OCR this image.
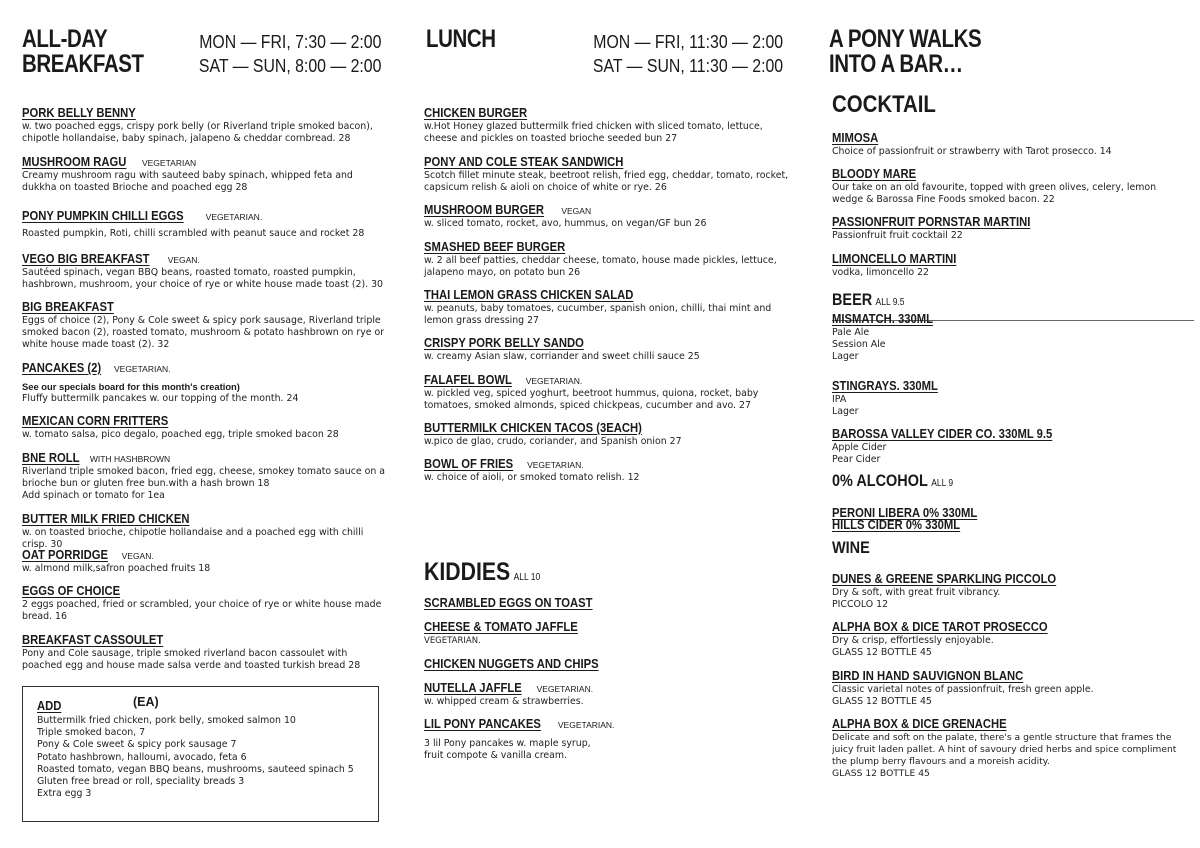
ALL-DAY
BREAKFAST
MON — FRI, 7:30 — 2:00
SAT — SUN, 8:00 — 2:00
PORK BELLY BENNY
w. two poached eggs, crispy pork belly (or Riverland triple smoked bacon), chipotle hollandaise, baby spinach, jalapeno & cheddar cornbread. 28
MUSHROOM RAGU VEGETARIAN
Creamy mushroom ragu with sauteed baby spinach, whipped feta and dukkha on toasted Brioche and poached egg 28
PONY PUMPKIN CHILLI EGGS	VEGETARIAN.
Roasted pumpkin, Roti, chilli scrambled with peanut sauce and rocket 28
VEGO BIG BREAKFAST VEGAN.
Sautéed spinach, vegan BBQ beans, roasted tomato, roasted pumpkin, hashbrown, mushroom, your choice of rye or white house made toast (2). 30
BIG BREAKFAST
Eggs of choice (2), Pony & Cole sweet & spicy pork sausage, Riverland triple smoked bacon (2), roasted tomato, mushroom & potato hashbrown on rye or white house made toast (2). 32
PANCAKES (2) VEGETARIAN.
See our specials board for this month's creation)
Fluffy buttermilk pancakes w. our topping of the month. 24
MEXICAN CORN FRITTERS
w. tomato salsa, pico degalo, poached egg, triple smoked bacon 28
BNE ROLL WITH HASHBROWN
Riverland triple smoked bacon, fried egg, cheese, smokey tomato sauce on a brioche bun or gluten free bun.with a hash brown 18
Add spinach or tomato for 1ea
BUTTER MILK FRIED CHICKEN
w. on toasted brioche, chipotle hollandaise and a poached egg with chilli crisp. 30
OAT PORRIDGE VEGAN.
w. almond milk,safron poached fruits 18
EGGS OF CHOICE
2 eggs poached, fried or scrambled, your choice of rye or white house made bread. 16
BREAKFAST CASSOULET
Pony and Cole sausage, triple smoked riverland bacon cassoulet with poached egg and house made salsa verde and toasted turkish bread 28
ADD	(EA)
Buttermilk fried chicken, pork belly, smoked salmon 10
Triple smoked bacon, 7
Pony & Cole sweet & spicy pork sausage 7
Potato hashbrown, halloumi, avocado, feta 6
Roasted tomato, vegan BBQ beans, mushrooms, sauteed spinach 5
Gluten free bread or roll, speciality breads 3
Extra egg 3
LUNCH	MON — FRI, 11:30 — 2:00
SAT — SUN, 11:30 — 2:00
CHICKEN BURGER
w.Hot Honey glazed buttermilk fried chicken with sliced tomato, lettuce, cheese and pickles on toasted brioche seeded bun 27
PONY AND COLE STEAK SANDWICH
Scotch fillet minute steak, beetroot relish, fried egg, cheddar, tomato, rocket, capsicum relish & aioli on choice of white or rye. 26
MUSHROOM BURGER VEGAN
w. sliced tomato, rocket, avo, hummus, on vegan/GF bun 26
SMASHED BEEF BURGER
w. 2 all beef patties, cheddar cheese, tomato, house made pickles, lettuce, jalapeno mayo, on potato bun 26
THAI LEMON GRASS CHICKEN SALAD
w. peanuts, baby tomatoes, cucumber, spanish onion, chilli, thai mint and lemon grass dressing 27
CRISPY PORK BELLY SANDO
w. creamy Asian slaw, corriander and sweet chilli sauce 25
FALAFEL BOWL VEGETARIAN.
w. pickled veg, spiced yoghurt, beetroot hummus, quiona, rocket, baby tomatoes, smoked almonds, spiced chickpeas, cucumber and avo. 27
BUTTERMILK CHICKEN TACOS (3EACH)
w.pico de glao, crudo, coriander, and Spanish onion 27
BOWL OF FRIES VEGETARIAN.
w. choice of aioli, or smoked tomato relish. 12
KIDDIES ALL 10
SCRAMBLED EGGS ON TOAST
CHEESE & TOMATO JAFFLE
VEGETARIAN.
CHICKEN NUGGETS AND CHIPS
NUTELLA JAFFLE VEGETARIAN.
w. whipped cream & strawberries.
LIL PONY PANCAKES VEGETARIAN.
3 lil Pony pancakes w. maple syrup, fruit compote & vanilla cream.
A PONY WALKS
INTO A BAR…
COCKTAIL
MIMOSA
Choice of passionfruit or strawberry with Tarot prosecco. 14
BLOODY MARE
Our take on an old favourite, topped with green olives, celery, lemon wedge & Barossa Fine Foods smoked bacon. 22
PASSIONFRUIT PORNSTAR MARTINI
Passionfruit fruit cocktail 22
LIMONCELLO MARTINI
vodka, limoncello 22
BEER ALL 9.5
MISMATCH. 330ML
Pale Ale
Session Ale
Lager
STINGRAYS. 330ML
IPA
Lager
BAROSSA VALLEY CIDER CO. 330ML 9.5
Apple Cider
Pear Cider
0% ALCOHOL ALL 9
PERONI LIBERA 0% 330ML
HILLS CIDER 0% 330ML
WINE
DUNES & GREENE SPARKLING PICCOLO
Dry & soft, with great fruit vibrancy.
PICCOLO 12
ALPHA BOX & DICE TAROT PROSECCO
Dry & crisp, effortlessly enjoyable.
GLASS 12 BOTTLE 45
BIRD IN HAND SAUVIGNON BLANC
Classic varietal notes of passionfruit, fresh green apple.
GLASS 12 BOTTLE 45
ALPHA BOX & DICE GRENACHE
Delicate and soft on the palate, there's a gentle structure that frames the juicy fruit laden pallet. A hint of savoury dried herbs and spice compliment the plump berry flavours and a moreish acidity.
GLASS 12 BOTTLE 45
